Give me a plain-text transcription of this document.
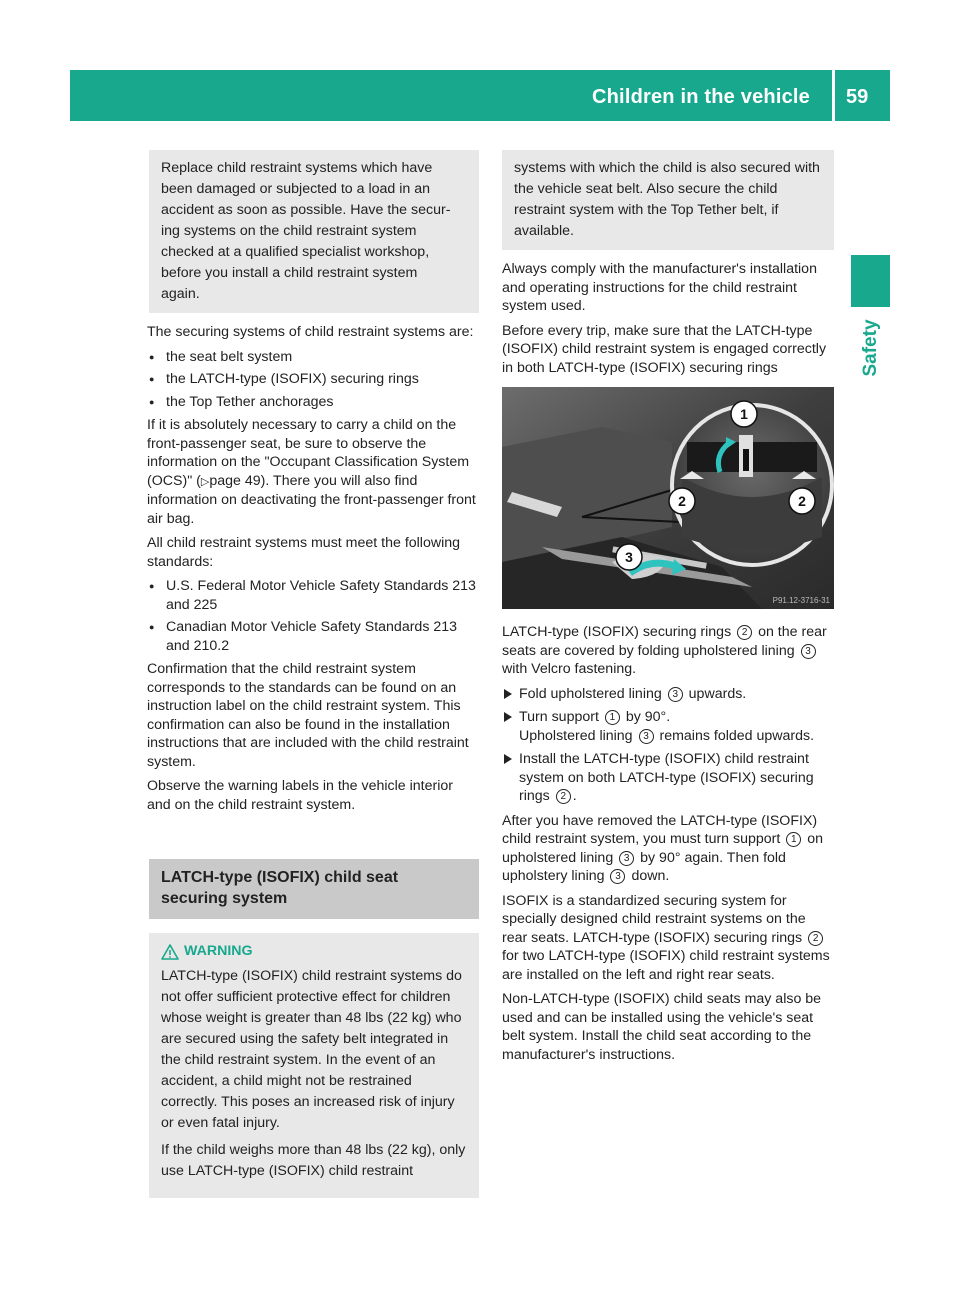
Children in the vehicle 59
Safety

Replace child restraint systems which have

been damaged or subjected to a load in an

accident as soon as possible. Have the secur-

ing systems on the child restraint system

checked at a qualified specialist workshop,

before you install a child restraint system

again.

The securing systems of child restraint systems are:

● the seat belt system
● the LATCH-type (ISOFIX) securing rings
● the Top Tether anchorages

If it is absolutely necessary to carry a child on the front-passenger seat, be sure to observe the information on the "Occupant Classification System (OCS)" (▷page 49). There you will also find information on deactivating the front-passenger front air bag.

All child restraint systems must meet the following standards:

● U.S. Federal Motor Vehicle Safety Standards 213 and 225
● Canadian Motor Vehicle Safety Standards 213 and 210.2

Confirmation that the child restraint system corresponds to the standards can be found on an instruction label on the child restraint system. This confirmation can also be found in the installation instructions that are included with the child restraint system.

Observe the warning labels in the vehicle interior and on the child restraint system.

LATCH-type (ISOFIX) child seat securing system
WARNING

LATCH-type (ISOFIX) child restraint systems do not offer sufficient protective effect for children whose weight is greater than 48 lbs (22 kg) who are secured using the safety belt integrated in the child restraint system. In the event of an accident, a child might not be restrained correctly. This poses an increased risk of injury or even fatal injury.

If the child weighs more than 48 lbs (22 kg), only use LATCH-type (ISOFIX) child restraint

systems with which the child is also secured with the vehicle seat belt. Also secure the child restraint system with the Top Tether belt, if available.

Always comply with the manufacturer's installation and operating instructions for the child restraint system used.

Before every trip, make sure that the LATCH-type (ISOFIX) child restraint system is engaged correctly in both LATCH-type (ISOFIX) securing rings

1
2	2
3
P91.12-3716-31

LATCH-type (ISOFIX) securing rings 2 on the rear seats are covered by folding upholstered lining 3 with Velcro fastening.

Fold upholstered lining 3 upwards.
Turn support 1 by 90°.
Upholstered lining 3 remains folded upwards.
Install the LATCH-type (ISOFIX) child restraint system on both LATCH-type (ISOFIX) securing rings 2 .

After you have removed the LATCH-type (ISOFIX) child restraint system, you must turn support 1 on upholstered lining 3 by 90° again. Then fold upholstery lining 3 down.

ISOFIX is a standardized securing system for specially designed child restraint systems on the rear seats. LATCH-type (ISOFIX) securing rings 2 for two LATCH-type (ISOFIX) child restraint systems are installed on the left and right rear seats.

Non-LATCH-type (ISOFIX) child seats may also be used and can be installed using the vehicle's seat belt system. Install the child seat according to the manufacturer's instructions.
